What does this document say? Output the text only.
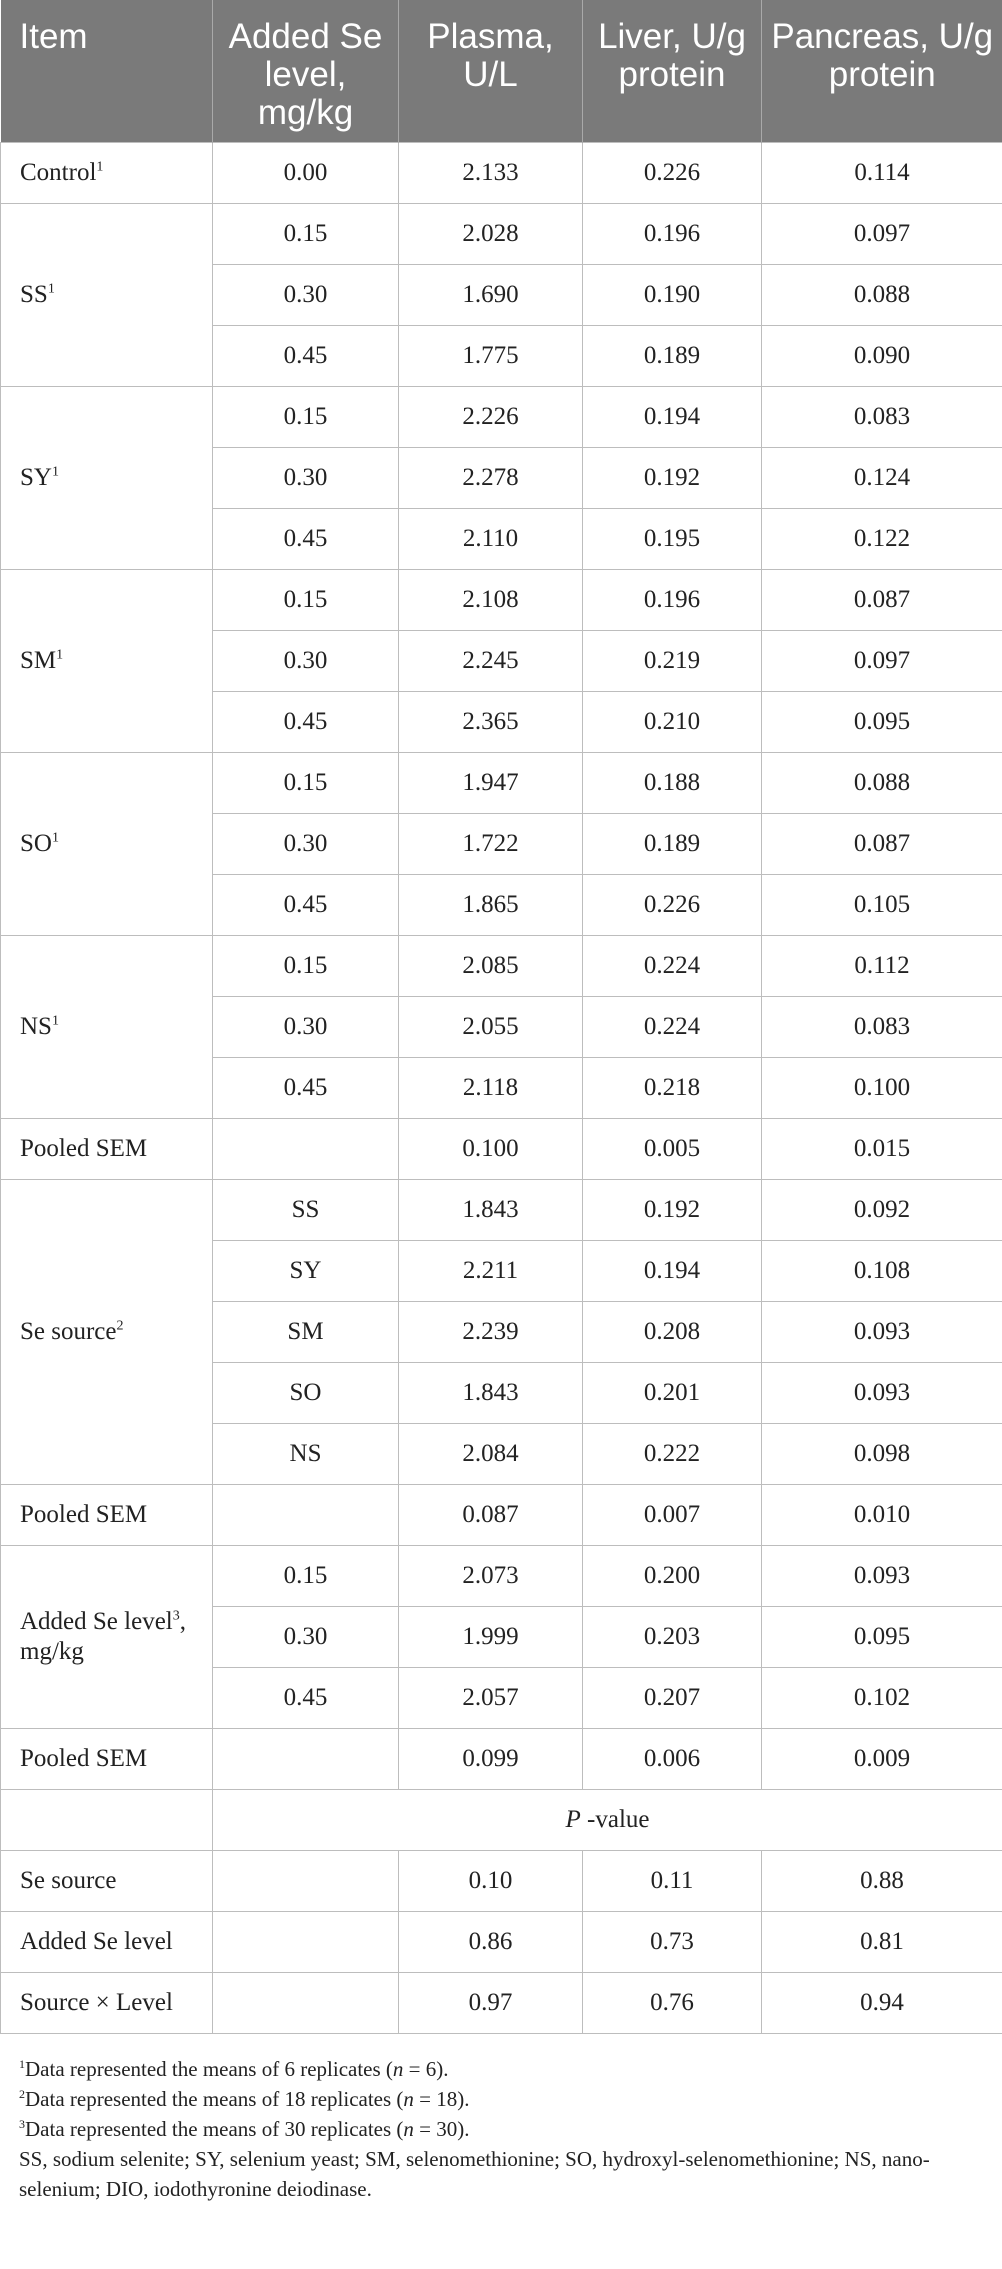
Item	Added Se level, mg/kg	Plasma, U/L	Liver, U/g protein	Pancreas, U/g protein
Control$^1$	0.00	2.133	0.226	0.114
$SS^1$	0.15	2.028	0.196	0.097
	0.30	1.690	0.190	0.088
	0.45	1.775	0.189	0.090
$SY^1$	0.15	2.226	0.194	0.083
	0.30	2.278	0.192	0.124
	0.45	2.110	0.195	0.122
$SM^1$	0.15	2.108	0.196	0.087
	0.30	2.245	0.219	0.097
	0.45	2.365	0.210	0.095
$SO^1$	0.15	1.947	0.188	0.088
	0.30	1.722	0.189	0.087
	0.45	1.865	0.226	0.105
$NS^1$	0.15	2.085	0.224	0.112
	0.30	2.055	0.224	0.083
	0.45	2.118	0.218	0.100
Pooled SEM		0.100	0.005	0.015
Se source$^2$	SS	1.843	0.192	0.092
	SY	2.211	0.194	0.108
	SM	2.239	0.208	0.093
	SO	1.843	0.201	0.093
	NS	2.084	0.222	0.098
Pooled SEM		0.087	0.007	0.010
Added Se level$^3$, mg/kg	0.15	2.073	0.200	0.093
	0.30	1.999	0.203	0.095
	0.45	2.057	0.207	0.102
Pooled SEM		0.099	0.006	0.009
	P -value			
Se source		0.10	0.11	0.88
Added Se level		0.86	0.73	0.81
Source × Level		0.97	0.76	0.94

$^1$Data represented the means of 6 replicates (n = 6).

$^2$Data represented the means of 18 replicates (n = 18).

$^3$Data represented the means of 30 replicates (n = 30).

SS, sodium selenite; SY, selenium yeast; SM, selenomethionine; SO, hydroxyl-selenomethionine; NS, nano-selenium; DIO, iodothyronine deiodinase.
